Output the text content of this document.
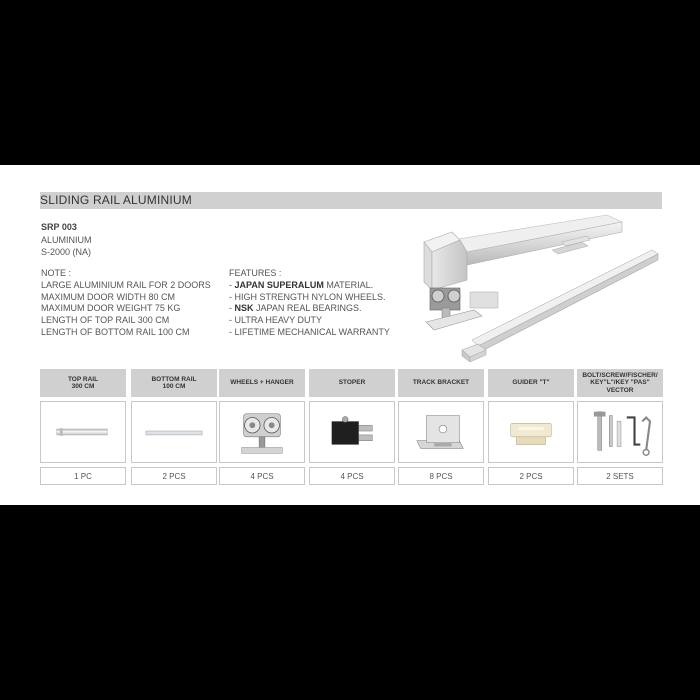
SLIDING RAIL ALUMINIUM
SRP 003
ALUMINIUM
S-2000 (NA)
NOTE :
LARGE ALUMINIUM RAIL FOR 2 DOORS
MAXIMUM DOOR WIDTH 80 CM
MAXIMUM DOOR WEIGHT 75 KG
LENGTH OF TOP RAIL 300 CM
LENGTH OF BOTTOM RAIL 100 CM
FEATURES :
- JAPAN SUPERALUM MATERIAL.
- HIGH STRENGTH NYLON WHEELS.
- NSK JAPAN REAL BEARINGS.
- ULTRA HEAVY DUTY
- LIFETIME MECHANICAL WARRANTY
TOP RAIL
300 CM
1 PC
BOTTOM RAIL
100 CM
2 PCS
WHEELS + HANGER
4 PCS
STOPER
4 PCS
TRACK BRACKET
8 PCS
GUIDER "T"
2 PCS
BOLT/SCREW/FISCHER/
KEY"L"/KEY "PAS"
VECTOR
2 SETS
